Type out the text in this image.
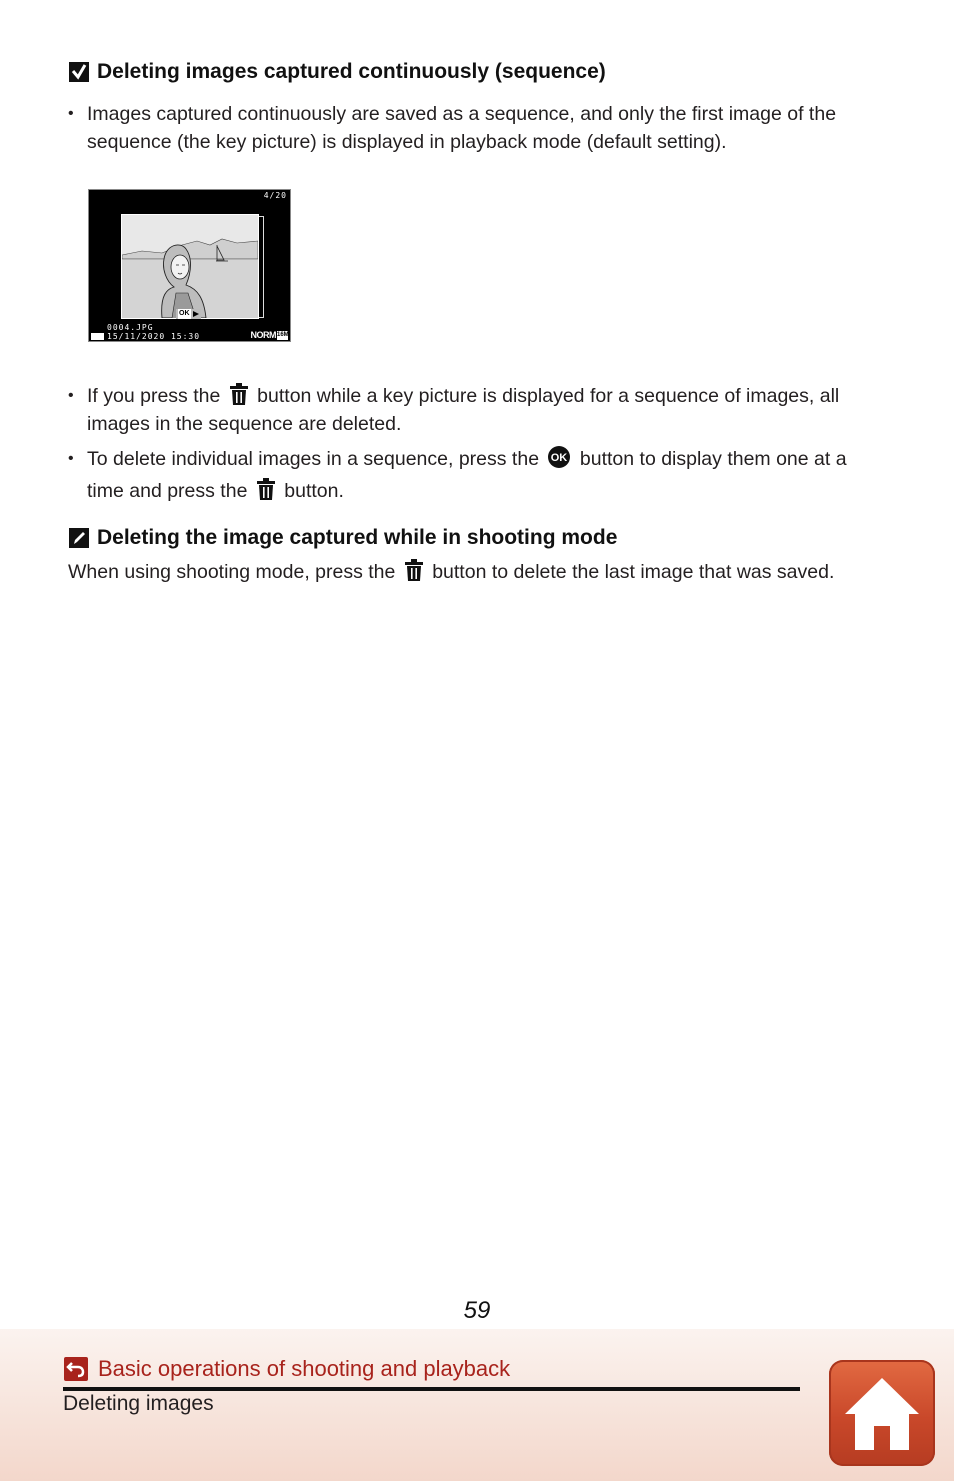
Deleting images captured continuously (sequence)
• Images captured continuously are saved as a sequence, and only the first image of the sequence (the key picture) is displayed in playback mode (default setting).
4/20
OK
0004.JPG
15/11/2020 15:30	NORM 16M
• If you press the button while a key picture is displayed for a sequence of images, all images in the sequence are deleted.
• To delete individual images in a sequence, press the OK button to display them one at a time and press the button.
Deleting the image captured while in shooting mode
When using shooting mode, press the button to delete the last image that was saved.
59
Basic operations of shooting and playback
Deleting images
